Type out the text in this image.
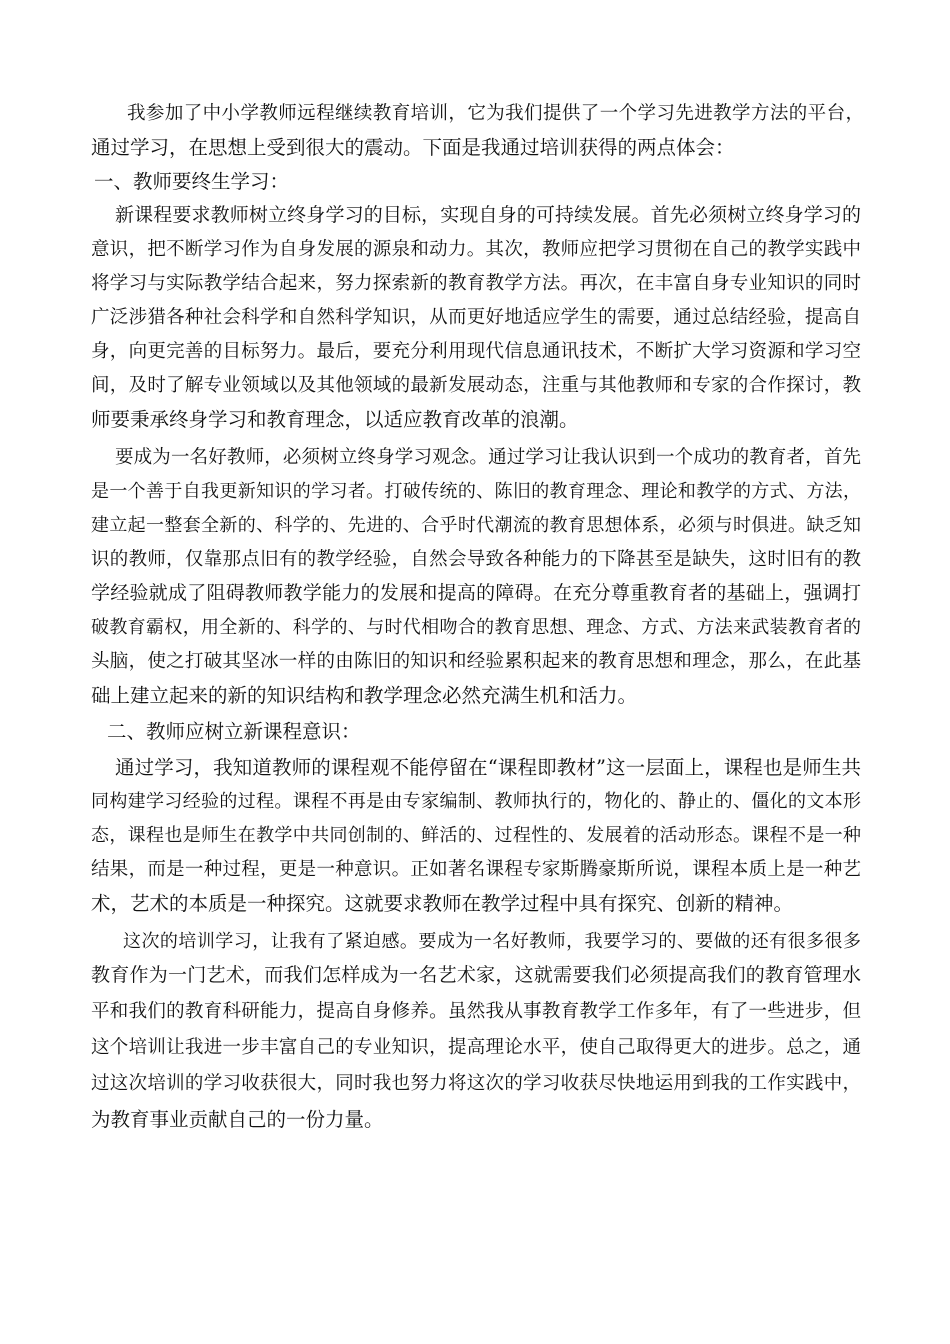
我参加了中小学教师远程继续教育培训，它为我们提供了一个学习先进教学方法的平台，
通过学习，在思想上受到很大的震动。下面是我通过培训获得的两点体会：
一、教师要终生学习：
新课程要求教师树立终身学习的目标，实现自身的可持续发展。首先必须树立终身学习的
意识，把不断学习作为自身发展的源泉和动力。其次，教师应把学习贯彻在自己的教学实践中
将学习与实际教学结合起来，努力探索新的教育教学方法。再次，在丰富自身专业知识的同时
广泛涉猎各种社会科学和自然科学知识，从而更好地适应学生的需要，通过总结经验，提高自
身，向更完善的目标努力。最后，要充分利用现代信息通讯技术，不断扩大学习资源和学习空
间，及时了解专业领域以及其他领域的最新发展动态，注重与其他教师和专家的合作探讨，教
师要秉承终身学习和教育理念，以适应教育改革的浪潮。
要成为一名好教师，必须树立终身学习观念。通过学习让我认识到一个成功的教育者，首先
是一个善于自我更新知识的学习者。打破传统的、陈旧的教育理念、理论和教学的方式、方法，
建立起一整套全新的、科学的、先进的、合乎时代潮流的教育思想体系，必须与时俱进。缺乏知
识的教师，仅靠那点旧有的教学经验，自然会导致各种能力的下降甚至是缺失，这时旧有的教
学经验就成了阻碍教师教学能力的发展和提高的障碍。在充分尊重教育者的基础上，强调打
破教育霸权，用全新的、科学的、与时代相吻合的教育思想、理念、方式、方法来武装教育者的
头脑，使之打破其坚冰一样的由陈旧的知识和经验累积起来的教育思想和理念，那么，在此基
础上建立起来的新的知识结构和教学理念必然充满生机和活力。
二、教师应树立新课程意识：
通过学习，我知道教师的课程观不能停留在“课程即教材”这一层面上，课程也是师生共
同构建学习经验的过程。课程不再是由专家编制、教师执行的，物化的、静止的、僵化的文本形
态，课程也是师生在教学中共同创制的、鲜活的、过程性的、发展着的活动形态。课程不是一种
结果，而是一种过程，更是一种意识。正如著名课程专家斯腾豪斯所说，课程本质上是一种艺
术，艺术的本质是一种探究。这就要求教师在教学过程中具有探究、创新的精神。
这次的培训学习，让我有了紧迫感。要成为一名好教师，我要学习的、要做的还有很多很多
教育作为一门艺术，而我们怎样成为一名艺术家，这就需要我们必须提高我们的教育管理水
平和我们的教育科研能力，提高自身修养。虽然我从事教育教学工作多年，有了一些进步，但
这个培训让我进一步丰富自己的专业知识，提高理论水平，使自己取得更大的进步。总之，通
过这次培训的学习收获很大，同时我也努力将这次的学习收获尽快地运用到我的工作实践中，
为教育事业贡献自己的一份力量。
